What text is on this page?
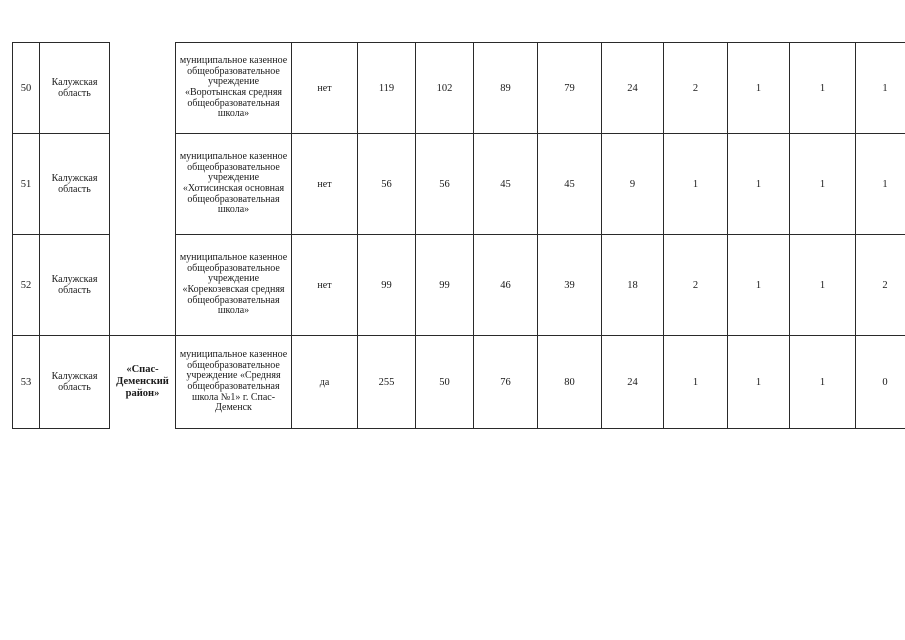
50	Калужская область		муниципальное казенное общеобразовательное учреждение «Воротынская средняя общеобразовательная школа»	нет	119	102	89	79	24	2	1	1	1
51	Калужская область		муниципальное казенное общеобразовательное учреждение «Хотисинская основная общеобразовательная школа»	нет	56	56	45	45	9	1	1	1	1
52	Калужская область		муниципальное казенное общеобразовательное учреждение «Корекозевская средняя общеобразовательная школа»	нет	99	99	46	39	18	2	1	1	2
53	Калужская область	«Спас-Деменский район»	муниципальное казенное общеобразовательное учреждение «Средняя общеобразовательная школа №1» г. Спас-Деменск	да	255	50	76	80	24	1	1	1	0
